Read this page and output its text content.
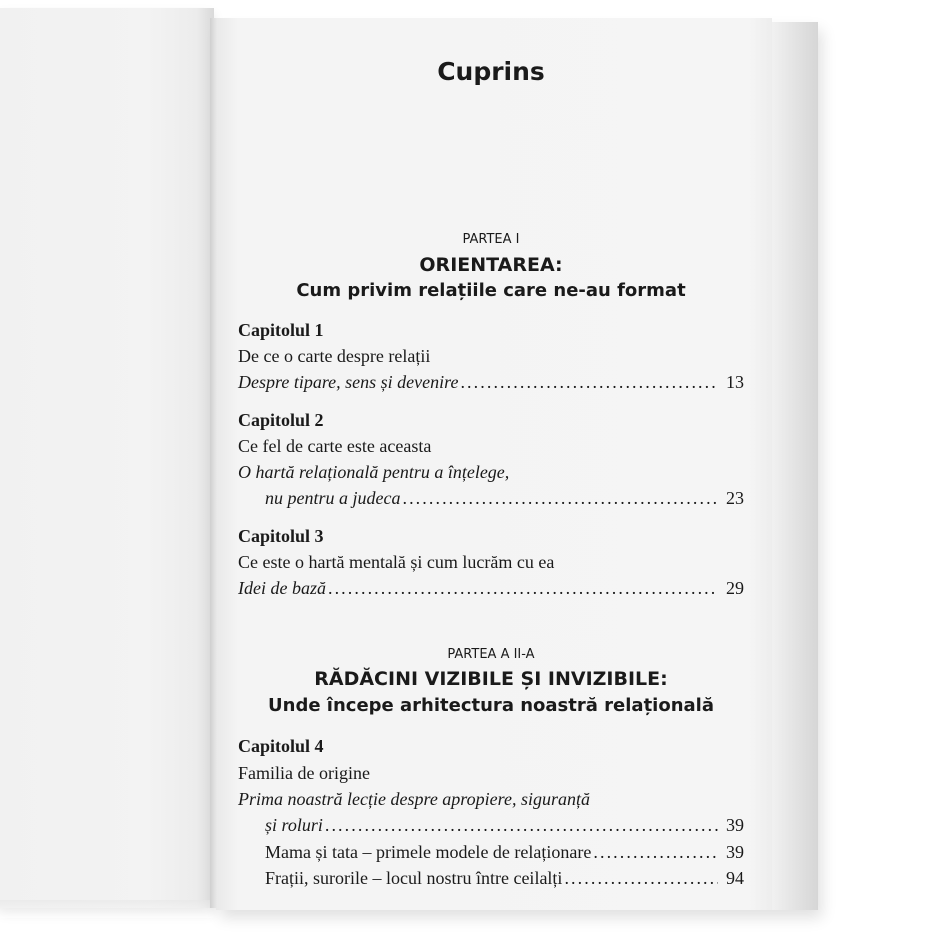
Cuprins
PARTEA I
ORIENTAREA:
Cum privim relațiile care ne-au format
Capitolul 1
De ce o carte despre relații
Despre tipare, sens și devenire . . .	13
Capitolul 2
Ce fel de carte este aceasta
O hartă relațională pentru a înțelege,
nu pentru a judeca . . .	23
Capitolul 3
Ce este o hartă mentală și cum lucrăm cu ea
Idei de bază . . .	29
PARTEA A II-A
RĂDĂCINI VIZIBILE ȘI INVIZIBILE:
Unde începe arhitectura noastră relațională
Capitolul 4
Familia de origine
Prima noastră lecție despre apropiere, siguranță
și roluri . . .	39
Mama și tata – primele modele de relaționare . . .	39
Frații, surorile – locul nostru între ceilalți . . .	94
